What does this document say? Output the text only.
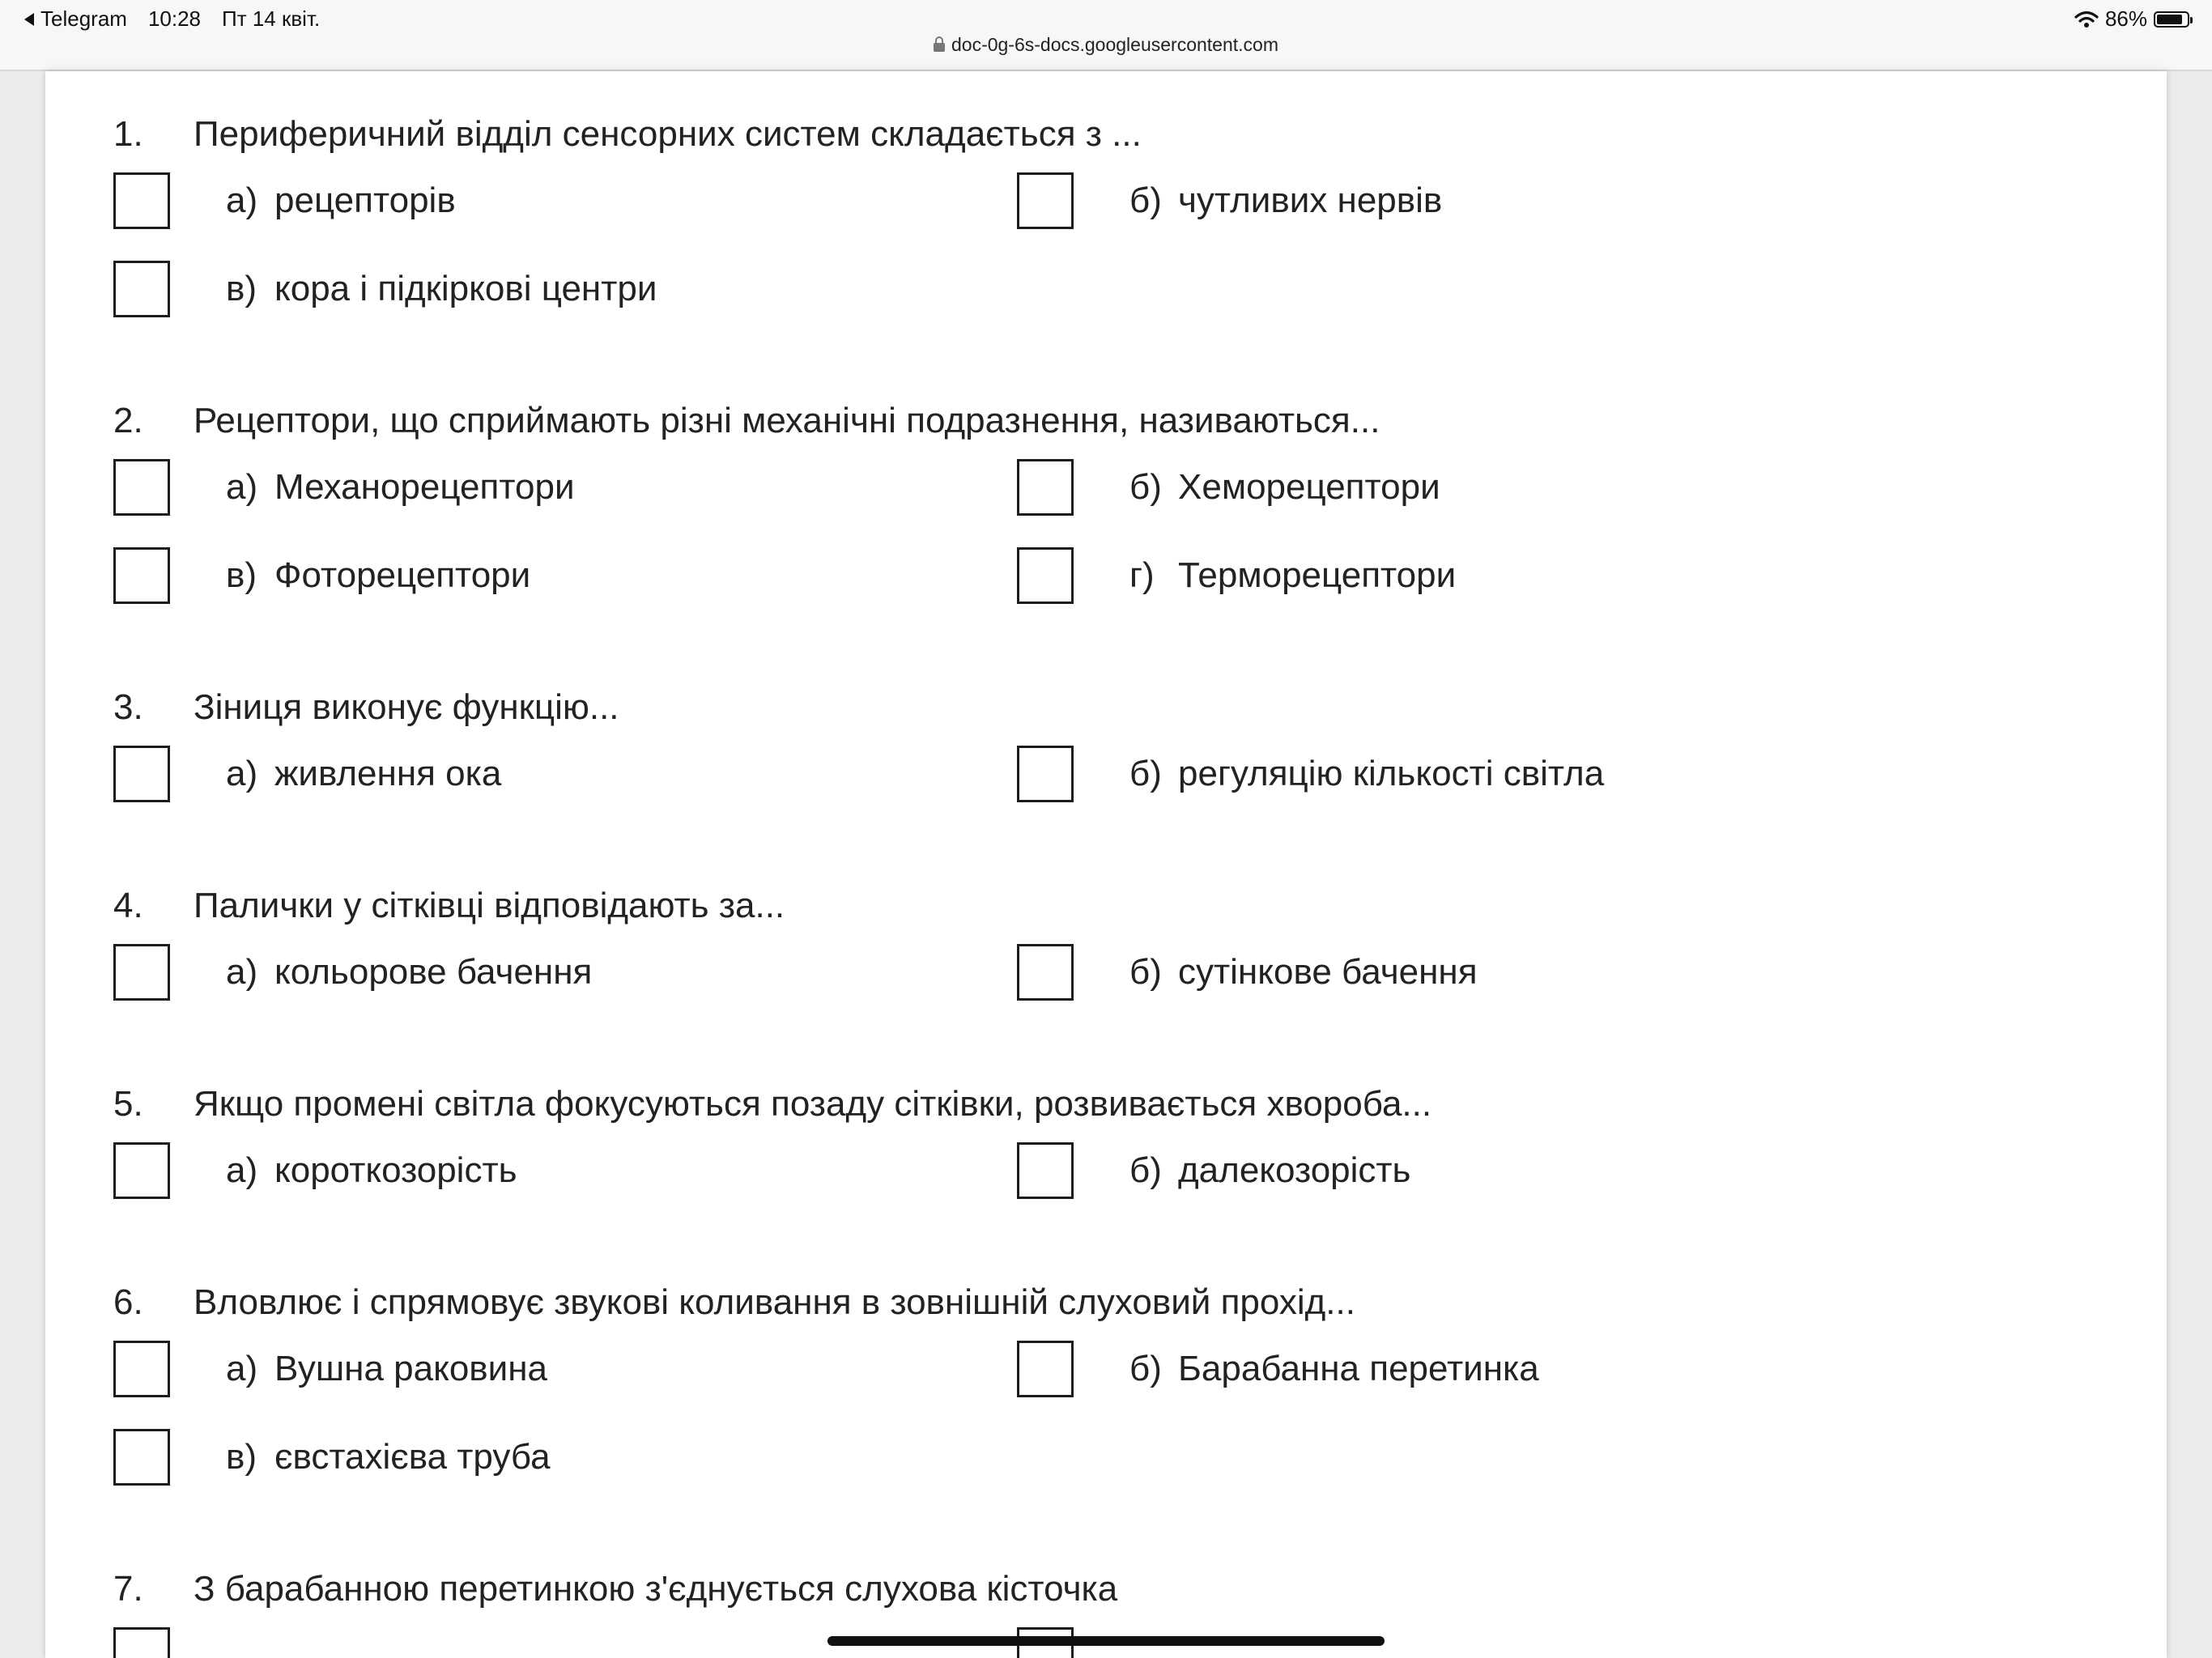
Telegram 10:28 Пт 14 квіт.	86%
doc-0g-6s-docs.googleusercontent.com
1. Периферичний відділ сенсорних систем складається з ...
а) рецепторів	б) чутливих нервів
в) кора і підкіркові центри
2. Рецептори, що сприймають різні механічні подразнення, називаються...
а) Механорецептори	б) Хеморецептори
в) Фоторецептори	г) Терморецептори
3. Зіниця виконує функцію...
а) живлення ока	б) регуляцію кількості світла
4. Палички у сітківці відповідають за...
а) кольорове бачення	б) сутінкове бачення
5. Якщо промені світла фокусуються позаду сітківки, розвивається хвороба...
а) короткозорість	б) далекозорість
6. Вловлює і спрямовує звукові коливання в зовнішній слуховий прохід...
а) Вушна раковина	б) Барабанна перетинка
в) євстахієва труба
7. З барабанною перетинкою з'єднується слухова кісточка
